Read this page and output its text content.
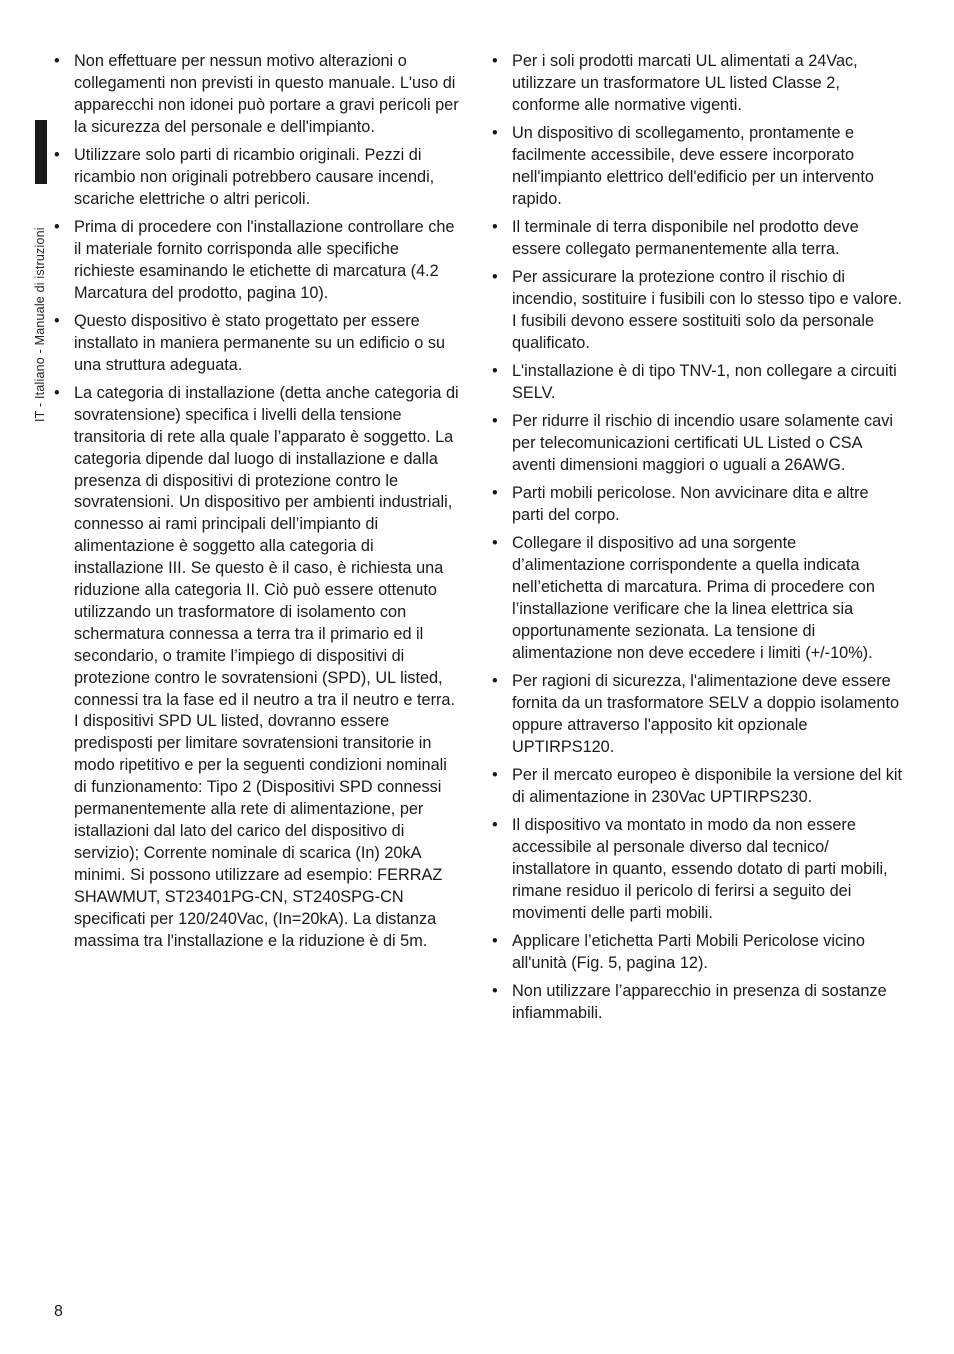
IT - Italiano - Manuale di istruzioni
• Non effettuare per nessun motivo alterazioni o collegamenti non previsti in questo manuale. L'uso di apparecchi non idonei può portare a gravi pericoli per la sicurezza del personale e dell'impianto.
• Utilizzare solo parti di ricambio originali. Pezzi di ricambio non originali potrebbero causare incendi, scariche elettriche o altri pericoli.
• Prima di procedere con l'installazione controllare che il materiale fornito corrisponda alle specifiche richieste esaminando le etichette di marcatura (4.2 Marcatura del prodotto, pagina 10).
• Questo dispositivo è stato progettato per essere installato in maniera permanente su un edificio o su una struttura adeguata.
• La categoria di installazione (detta anche categoria di sovratensione) specifica i livelli della tensione transitoria di rete alla quale l’apparato è soggetto. La categoria dipende dal luogo di installazione e dalla presenza di dispositivi di protezione contro le sovratensioni. Un dispositivo per ambienti industriali, connesso ai rami principali dell’impianto di alimentazione è soggetto alla categoria di installazione III. Se questo è il caso, è richiesta una riduzione alla categoria II. Ciò può essere ottenuto utilizzando un trasformatore di isolamento con schermatura connessa a terra tra il primario ed il secondario, o tramite l’impiego di dispositivi di protezione contro le sovratensioni (SPD), UL listed, connessi tra la fase ed il neutro a tra il neutro e terra. I dispositivi SPD UL listed, dovranno essere predisposti per limitare sovratensioni transitorie in modo ripetitivo e per la seguenti condizioni nominali di funzionamento: Tipo 2 (Dispositivi SPD connessi permanentemente alla rete di alimentazione, per istallazioni dal lato del carico del dispositivo di servizio); Corrente nominale di scarica (In) 20kA minimi. Si possono utilizzare ad esempio: FERRAZ SHAWMUT, ST23401PG-CN, ST240SPG-CN specificati per 120/240Vac, (In=20kA). La distanza massima tra l'installazione e la riduzione è di 5m.
• Per i soli prodotti marcati UL alimentati a 24Vac, utilizzare un trasformatore UL listed Classe 2, conforme alle normative vigenti.
• Un dispositivo di scollegamento, prontamente e facilmente accessibile, deve essere incorporato nell'impianto elettrico dell'edificio per un intervento rapido.
• Il terminale di terra disponibile nel prodotto deve essere collegato permanentemente alla terra.
• Per assicurare la protezione contro il rischio di incendio, sostituire i fusibili con lo stesso tipo e valore. I fusibili devono essere sostituiti solo da personale qualificato.
• L'installazione è di tipo TNV-1, non collegare a circuiti SELV.
• Per ridurre il rischio di incendio usare solamente cavi per telecomunicazioni certificati UL Listed o CSA aventi dimensioni maggiori o uguali a 26AWG.
• Parti mobili pericolose. Non avvicinare dita e altre parti del corpo.
• Collegare il dispositivo ad una sorgente d’alimentazione corrispondente a quella indicata nell’etichetta di marcatura. Prima di procedere con l’installazione verificare che la linea elettrica sia opportunamente sezionata. La tensione di alimentazione non deve eccedere i limiti (+/-10%).
• Per ragioni di sicurezza, l'alimentazione deve essere fornita da un trasformatore SELV a doppio isolamento oppure attraverso l'apposito kit opzionale UPTIRPS120.
• Per il mercato europeo è disponibile la versione del kit di alimentazione in 230Vac UPTIRPS230.
• Il dispositivo va montato in modo da non essere accessibile al personale diverso dal tecnico/ installatore in quanto, essendo dotato di parti mobili, rimane residuo il pericolo di ferirsi a seguito dei movimenti delle parti mobili.
• Applicare l’etichetta Parti Mobili Pericolose vicino all'unità (Fig. 5, pagina 12).
• Non utilizzare l’apparecchio in presenza di sostanze infiammabili.
8
